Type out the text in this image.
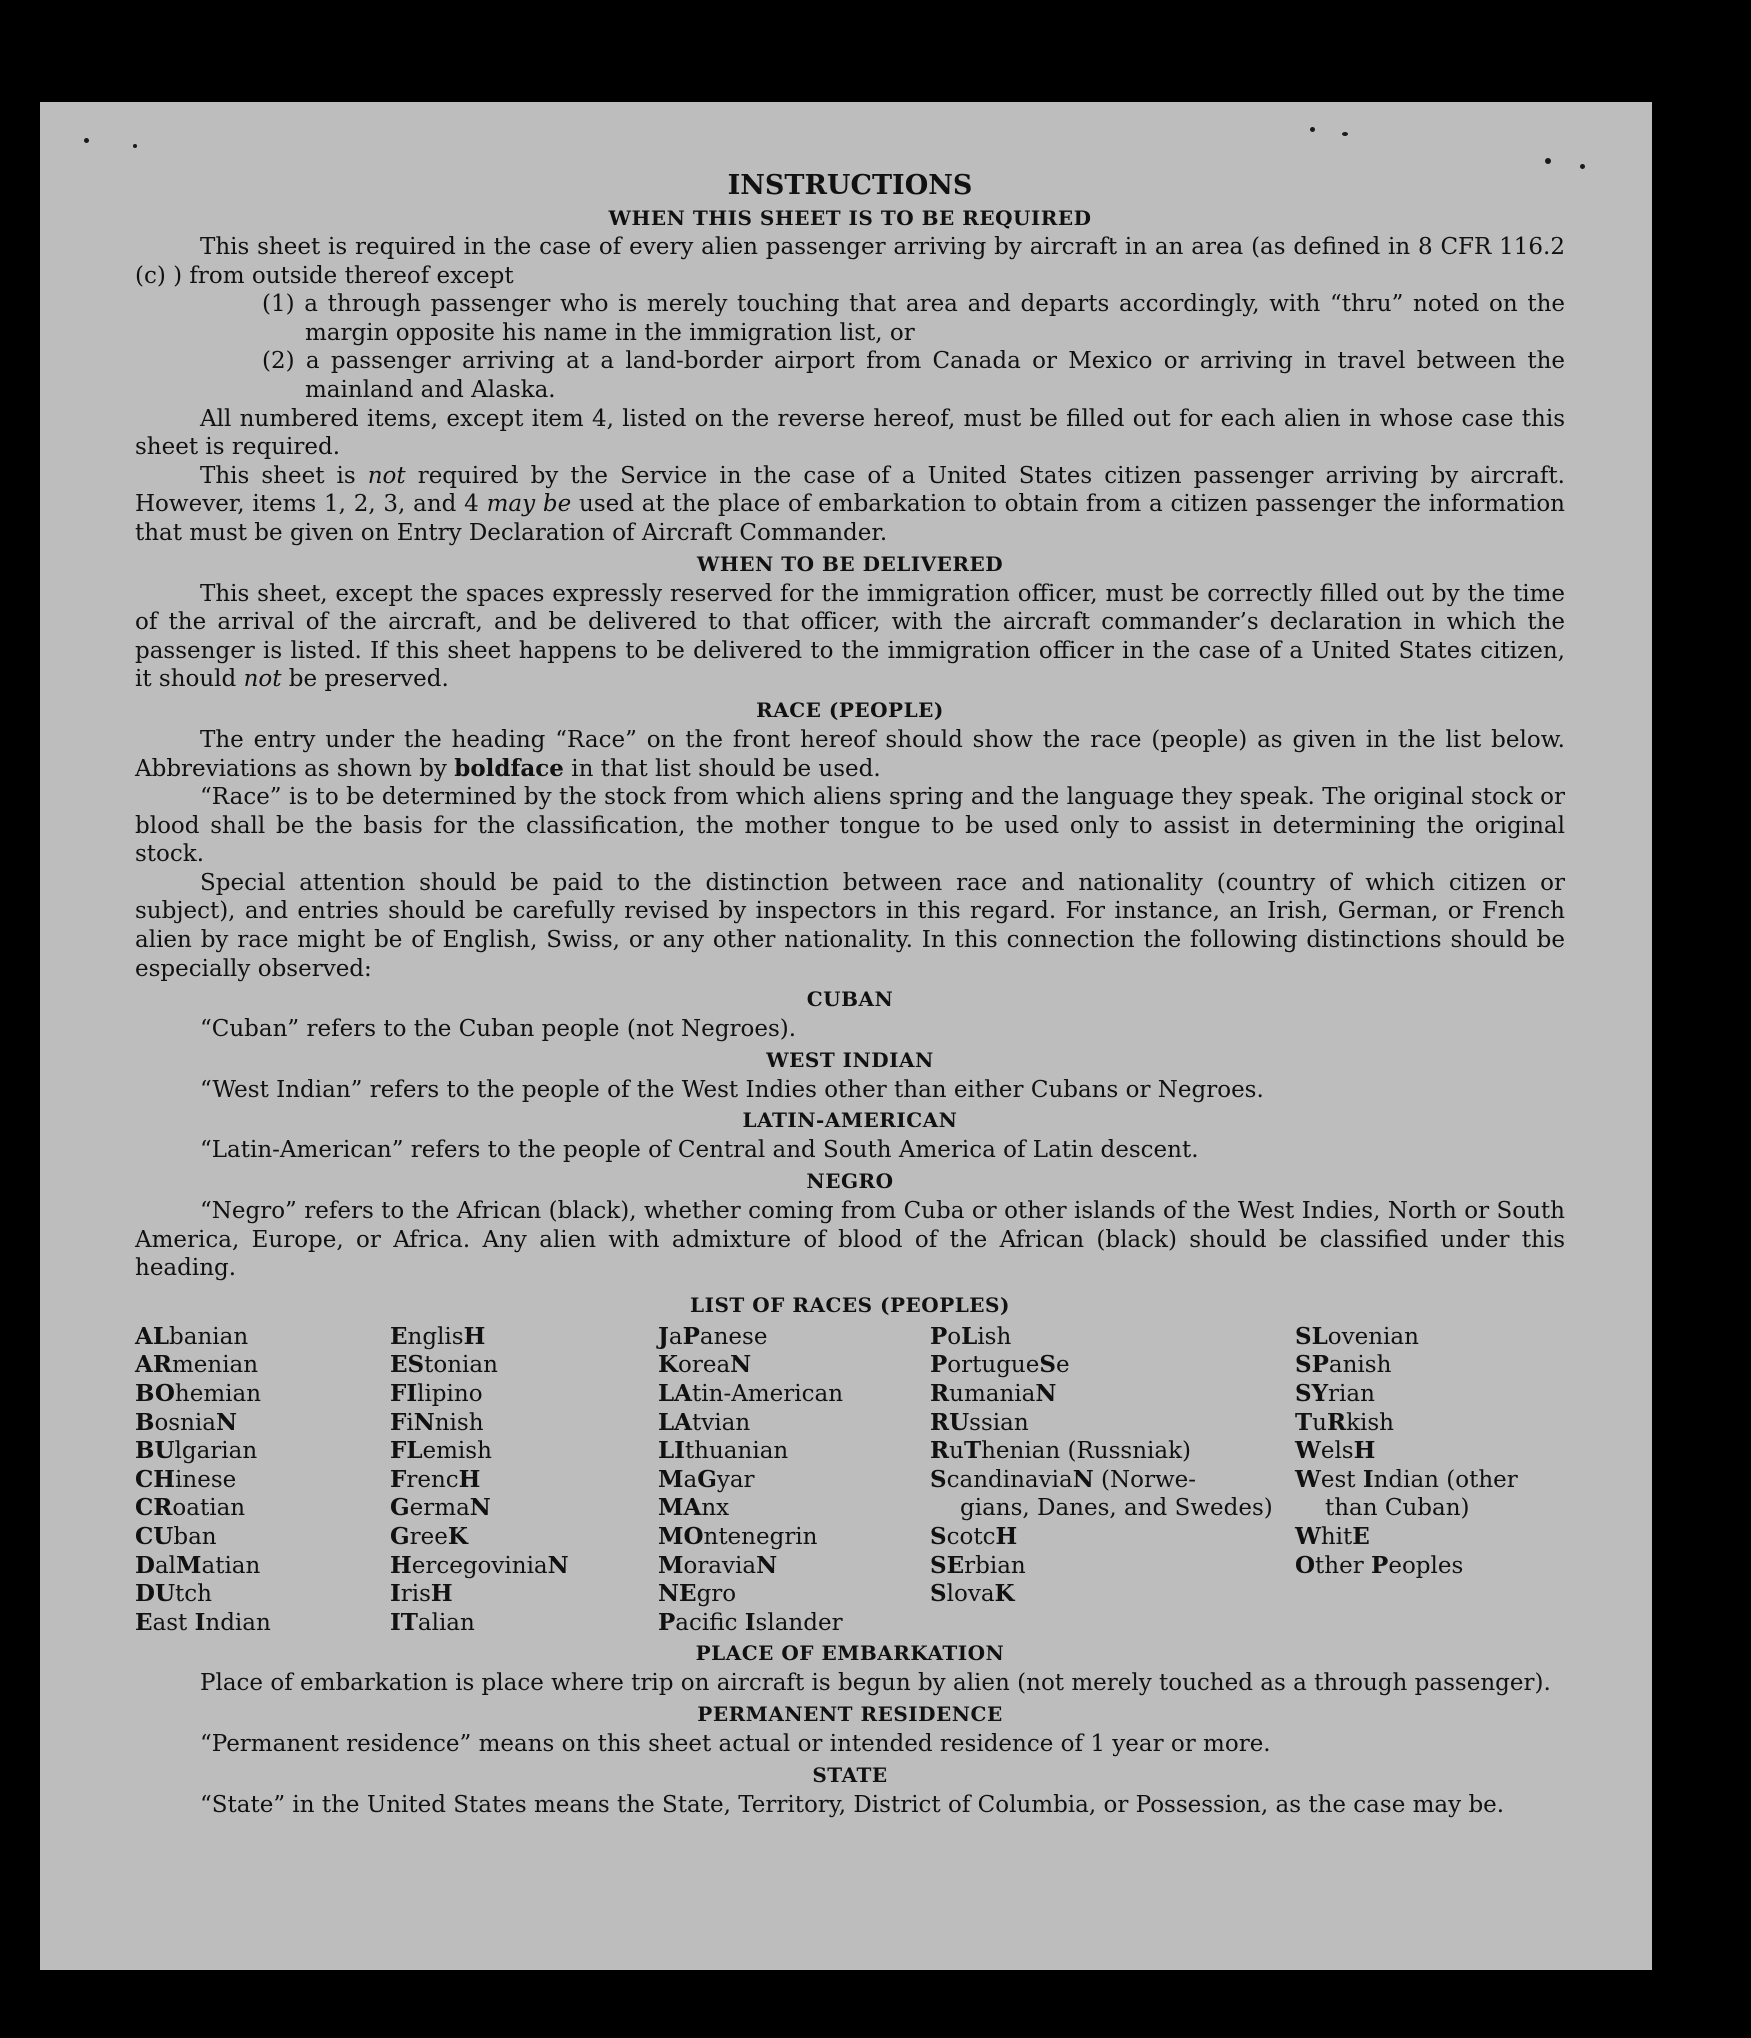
INSTRUCTIONS
WHEN THIS SHEET IS TO BE REQUIRED

This sheet is required in the case of every alien passenger arriving by aircraft in an area (as defined in 8 CFR 116.2 (c) ) from outside thereof except

(1) a through passenger who is merely touching that area and departs accordingly, with “thru” noted on the margin opposite his name in the immigration list, or

(2) a passenger arriving at a land-border airport from Canada or Mexico or arriving in travel between the mainland and Alaska.

All numbered items, except item 4, listed on the reverse hereof, must be filled out for each alien in whose case this sheet is required.

This sheet is not required by the Service in the case of a United States citizen passenger arriving by aircraft. However, items 1, 2, 3, and 4 may be used at the place of embarkation to obtain from a citizen passenger the information that must be given on Entry Declaration of Aircraft Commander.

WHEN TO BE DELIVERED

This sheet, except the spaces expressly reserved for the immigration officer, must be correctly filled out by the time of the arrival of the aircraft, and be delivered to that officer, with the aircraft commander’s declaration in which the passenger is listed. If this sheet happens to be delivered to the immigration officer in the case of a United States citizen, it should not be preserved.

RACE (PEOPLE)

The entry under the heading “Race” on the front hereof should show the race (people) as given in the list below. Abbreviations as shown by boldface in that list should be used.

“Race” is to be determined by the stock from which aliens spring and the language they speak. The original stock or blood shall be the basis for the classification, the mother tongue to be used only to assist in determining the original stock.

Special attention should be paid to the distinction between race and nationality (country of which citizen or subject), and entries should be carefully revised by inspectors in this regard. For instance, an Irish, German, or French alien by race might be of English, Swiss, or any other nationality. In this connection the following distinctions should be especially observed:

CUBAN

“Cuban” refers to the Cuban people (not Negroes).

WEST INDIAN

“West Indian” refers to the people of the West Indies other than either Cubans or Negroes.

LATIN-AMERICAN

“Latin-American” refers to the people of Central and South America of Latin descent.

NEGRO

“Negro” refers to the African (black), whether coming from Cuba or other islands of the West Indies, North or South America, Europe, or Africa. Any alien with admixture of blood of the African (black) should be classified under this heading.

LIST OF RACES (PEOPLES)
ALbanian
ARmenian
BOhemian
BosniaN
BUlgarian
CHinese
CRoatian
CUban
DalMatian
DUtch
East Indian
EnglisH
EStonian
FIlipino
FiNnish
FLemish
FrencH
GermaN
GreeK
HercegoviniaN
IrisH
ITalian
JaPanese
KoreaN
LAtin-American
LAtvian
LIthuanian
MaGyar
MAnx
MOntenegrin
MoraviaN
NEgro
Pacific Islander
PoLish
PortugueSe
RumaniaN
RUssian
RuThenian (Russniak)
ScandinaviaN (Norwe-
gians, Danes, and Swedes)
ScotcH
SErbian
SlovaK
SLovenian
SPanish
SYrian
TuRkish
WelsH
West Indian (other
than Cuban)
WhitE
Other Peoples
PLACE OF EMBARKATION

Place of embarkation is place where trip on aircraft is begun by alien (not merely touched as a through passenger).

PERMANENT RESIDENCE

“Permanent residence” means on this sheet actual or intended residence of 1 year or more.

STATE

“State” in the United States means the State, Territory, District of Columbia, or Possession, as the case may be.
